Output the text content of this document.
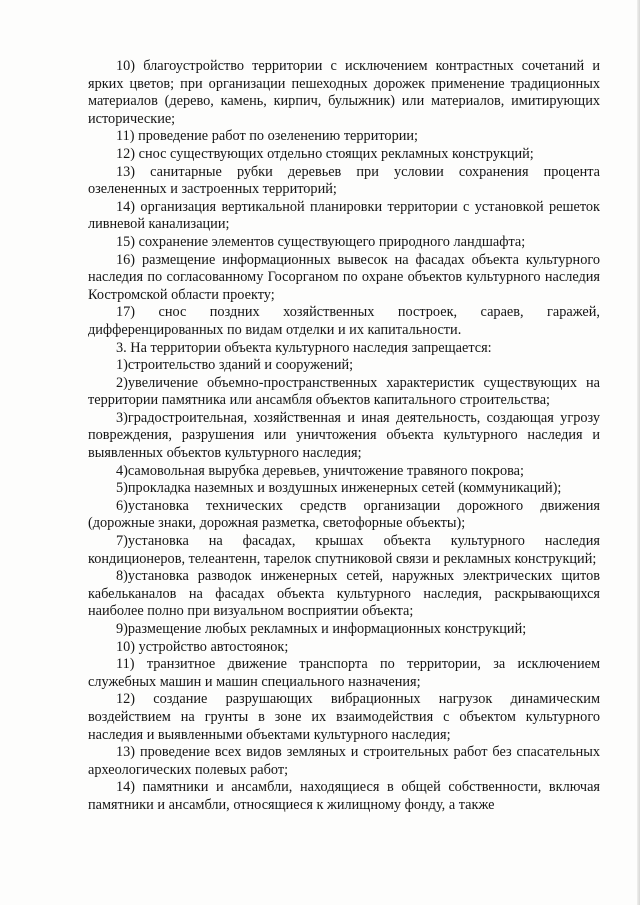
10) благоустройство территории с исключением контрастных сочетаний и ярких цветов; при организации пешеходных дорожек применение традиционных материалов (дерево, камень, кирпич, булыжник) или материалов, имитирующих исторические;

11) проведение работ по озеленению территории;

12) снос существующих отдельно стоящих рекламных конструкций;

13) санитарные рубки деревьев при условии сохранения процента озелененных и застроенных территорий;

14) организация вертикальной планировки территории с установкой решеток ливневой канализации;

15) сохранение элементов существующего природного ландшафта;

16) размещение информационных вывесок на фасадах объекта культурного наследия по согласованному Госорганом по охране объектов культурного наследия Костромской области проекту;

17) снос поздних хозяйственных построек, сараев, гаражей, дифференцированных по видам отделки и их капитальности.

3. На территории объекта культурного наследия запрещается:

1)строительство зданий и сооружений;

2)увеличение объемно-пространственных характеристик существующих на территории памятника или ансамбля объектов капитального строительства;

3)градостроительная, хозяйственная и иная деятельность, создающая угрозу повреждения, разрушения или уничтожения объекта культурного наследия и выявленных объектов культурного наследия;

4)самовольная вырубка деревьев, уничтожение травяного покрова;

5)прокладка наземных и воздушных инженерных сетей (коммуникаций);

6)установка технических средств организации дорожного движения (дорожные знаки, дорожная разметка, светофорные объекты);

7)установка на фасадах, крышах объекта культурного наследия кондиционеров, телеантенн, тарелок спутниковой связи и рекламных конструкций;

8)установка разводок инженерных сетей, наружных электрических щитов кабельканалов на фасадах объекта культурного наследия, раскрывающихся наиболее полно при визуальном восприятии объекта;

9)размещение любых рекламных и информационных конструкций;

10) устройство автостоянок;

11) транзитное движение транспорта по территории, за исключением служебных машин и машин специального назначения;

12) создание разрушающих вибрационных нагрузок динамическим воздействием на грунты в зоне их взаимодействия с объектом культурного наследия и выявленными объектами культурного наследия;

13) проведение всех видов земляных и строительных работ без спасательных археологических полевых работ;

14) памятники и ансамбли, находящиеся в общей собственности, включая памятники и ансамбли, относящиеся к жилищному фонду, а также
